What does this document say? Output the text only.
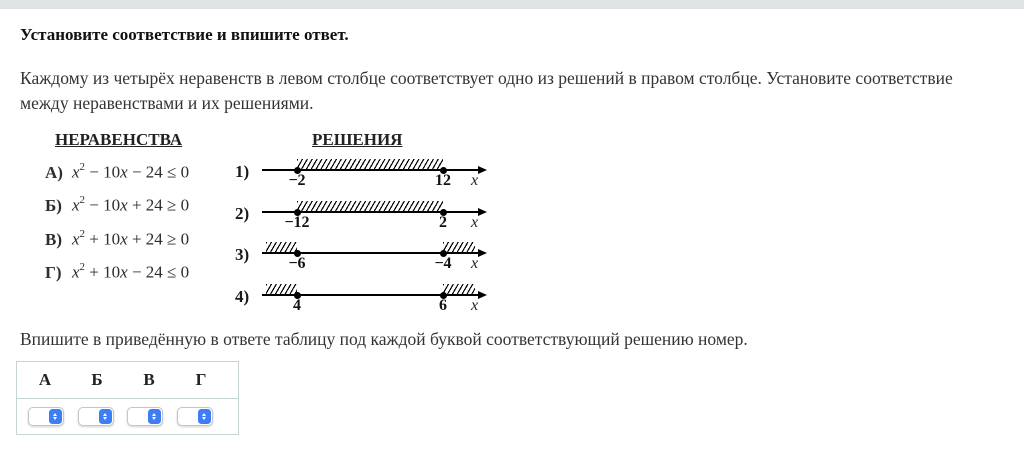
Установите соответствие и впишите ответ.
Каждому из четырёх неравенств в левом столбце соответствует одно из решений в правом столбце. Установите соответствие
между неравенствами и их решениями.
НЕРАВЕНСТВА	РЕШЕНИЯ
А) $x^2 - 10x - 24 \le 0$
Б) $x^2 - 10x + 24 \ge 0$
В) $x^2 + 10x + 24 \ge 0$
Г) $x^2 + 10x - 24 \le 0$
1) −2	12 x
2) −12	2 x
3) −6	−4 x
4)	4	6 x
Впишите в приведённую в ответе таблицу под каждой буквой соответствующий решению номер.
А	Б	В	Г
